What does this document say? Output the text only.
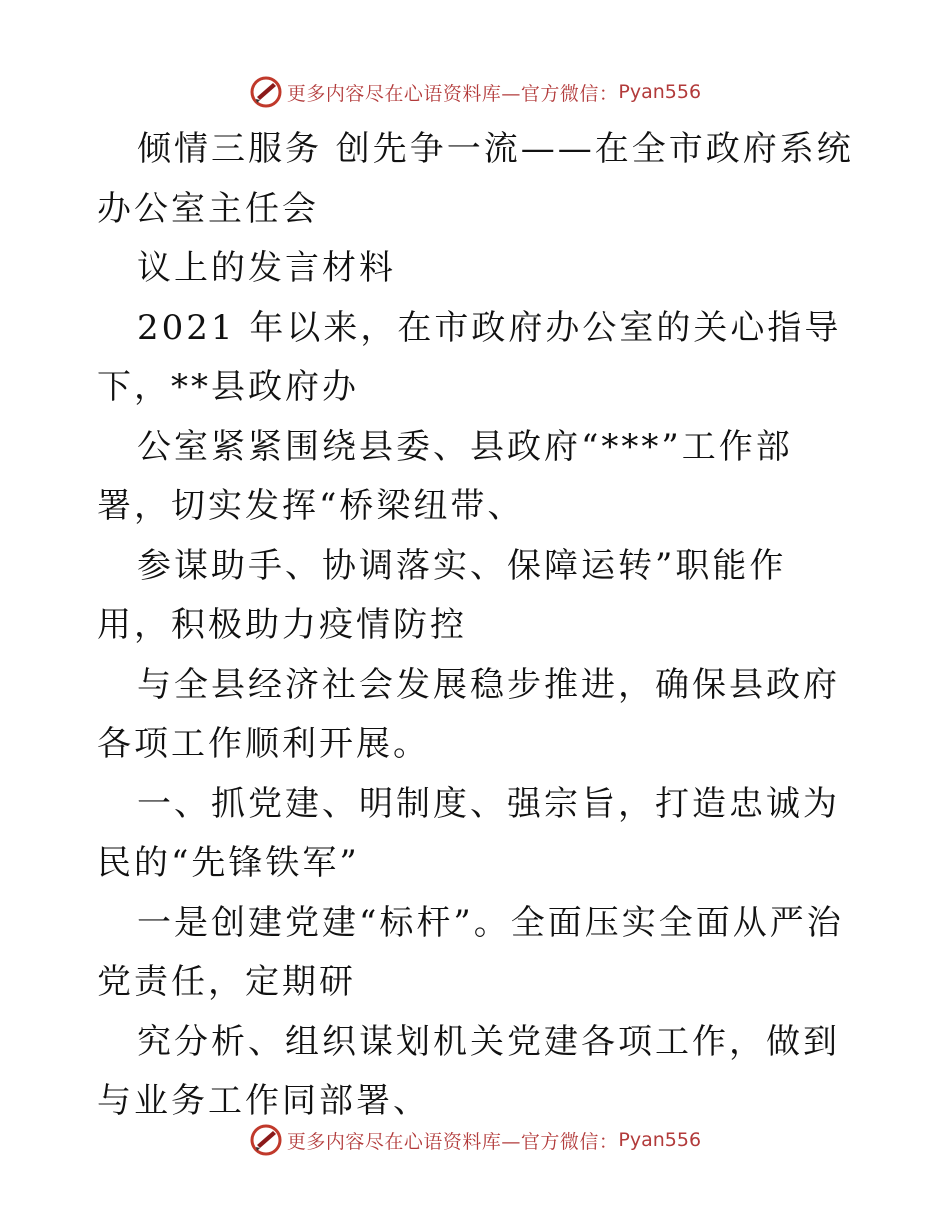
更多内容尽在心语资料库—官方微信： Pyan556

倾情三服务 创先争一流——在全市政府系统办公室主任会

议上的发言材料

2021 年以来，在市政府办公室的关心指导下，**县政府办

公室紧紧围绕县委、县政府“***”工作部署，切实发挥“桥梁纽带、

参谋助手、协调落实、保障运转”职能作用，积极助力疫情防控

与全县经济社会发展稳步推进，确保县政府各项工作顺利开展。

一、抓党建、明制度、强宗旨，打造忠诚为民的“先锋铁军”

一是创建党建“标杆”。全面压实全面从严治党责任，定期研

究分析、组织谋划机关党建各项工作，做到与业务工作同部署、

更多内容尽在心语资料库—官方微信： Pyan556
